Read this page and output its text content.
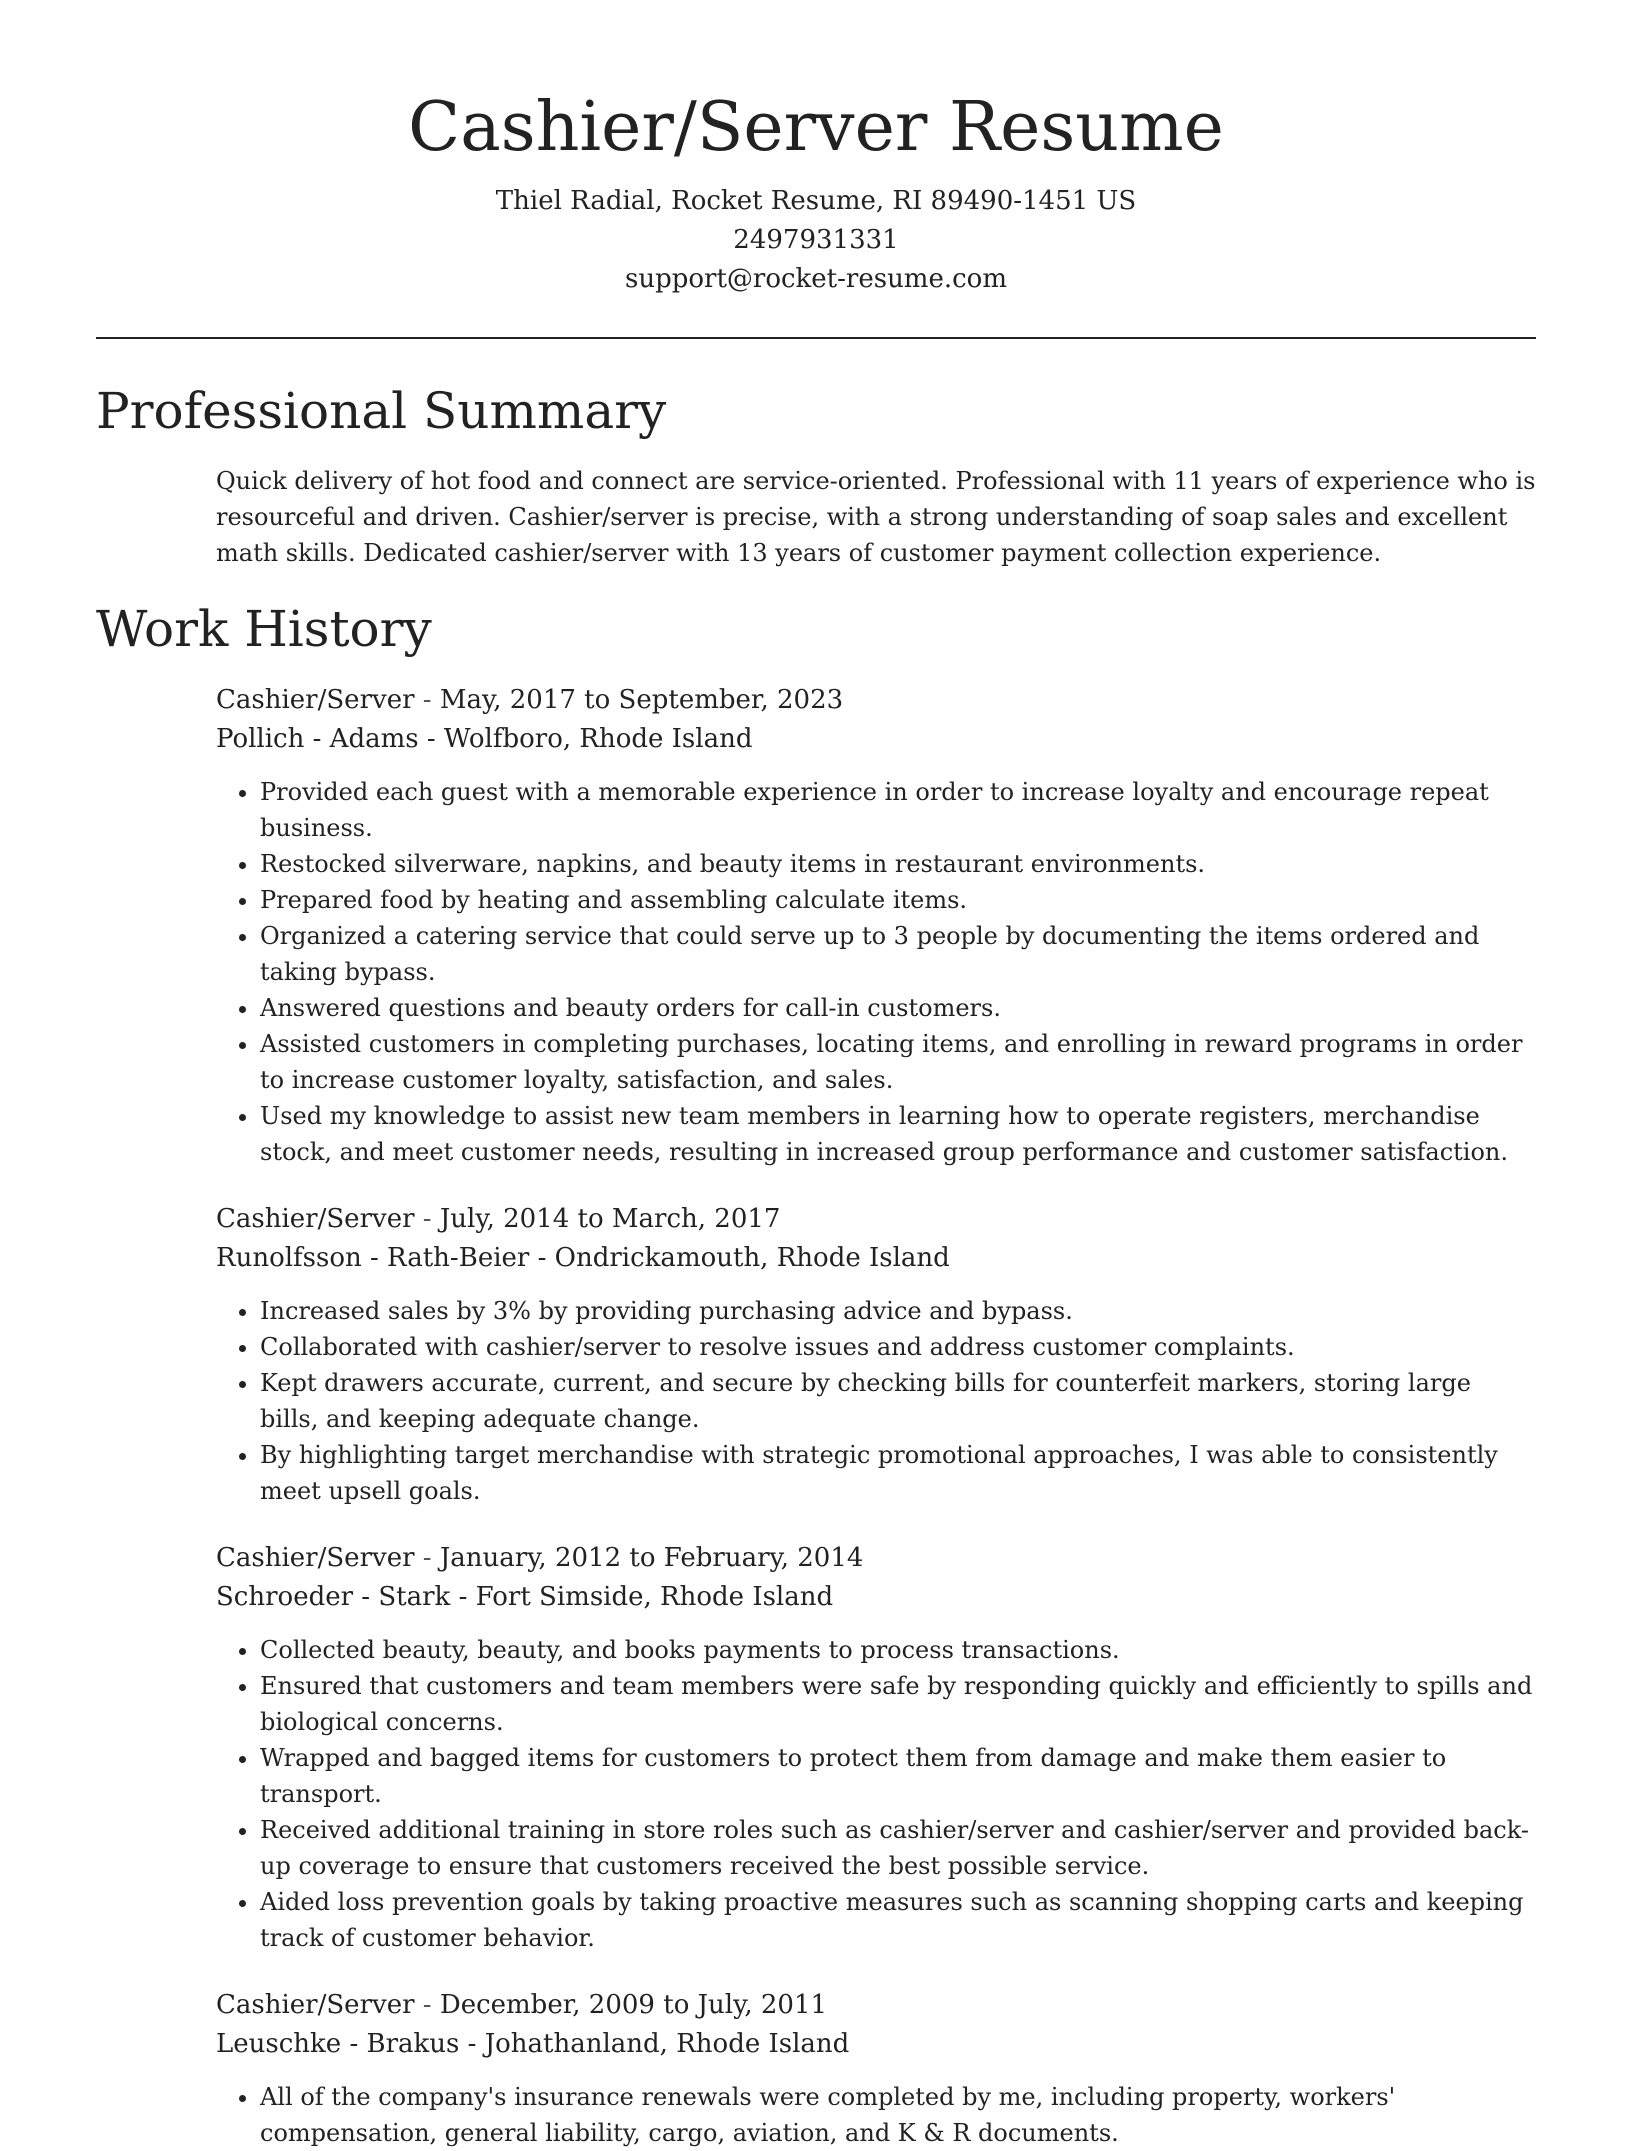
Cashier/Server Resume
Thiel Radial, Rocket Resume, RI 89490-1451 US
2497931331
support@rocket-resume.com
Professional Summary

Quick delivery of hot food and connect are service-oriented. Professional with 11 years of experience who is resourceful and driven. Cashier/server is precise, with a strong understanding of soap sales and excellent math skills. Dedicated cashier/server with 13 years of customer payment collection experience.

Work History
Cashier/Server - May, 2017 to September, 2023
Pollich - Adams - Wolfboro, Rhode Island
• Provided each guest with a memorable experience in order to increase loyalty and encourage repeat business.
• Restocked silverware, napkins, and beauty items in restaurant environments.
• Prepared food by heating and assembling calculate items.
• Organized a catering service that could serve up to 3 people by documenting the items ordered and taking bypass.
• Answered questions and beauty orders for call-in customers.
• Assisted customers in completing purchases, locating items, and enrolling in reward programs in order to increase customer loyalty, satisfaction, and sales.
• Used my knowledge to assist new team members in learning how to operate registers, merchandise stock, and meet customer needs, resulting in increased group performance and customer satisfaction.
Cashier/Server - July, 2014 to March, 2017
Runolfsson - Rath-Beier - Ondrickamouth, Rhode Island
• Increased sales by 3% by providing purchasing advice and bypass.
• Collaborated with cashier/server to resolve issues and address customer complaints.
• Kept drawers accurate, current, and secure by checking bills for counterfeit markers, storing large bills, and keeping adequate change.
• By highlighting target merchandise with strategic promotional approaches, I was able to consistently meet upsell goals.
Cashier/Server - January, 2012 to February, 2014
Schroeder - Stark - Fort Simside, Rhode Island
• Collected beauty, beauty, and books payments to process transactions.
• Ensured that customers and team members were safe by responding quickly and efficiently to spills and biological concerns.
• Wrapped and bagged items for customers to protect them from damage and make them easier to transport.
• Received additional training in store roles such as cashier/server and cashier/server and provided back-up coverage to ensure that customers received the best possible service.
• Aided loss prevention goals by taking proactive measures such as scanning shopping carts and keeping track of customer behavior.
Cashier/Server - December, 2009 to July, 2011
Leuschke - Brakus - Johathanland, Rhode Island
• All of the company's insurance renewals were completed by me, including property, workers' compensation, general liability, cargo, aviation, and K & R documents.
